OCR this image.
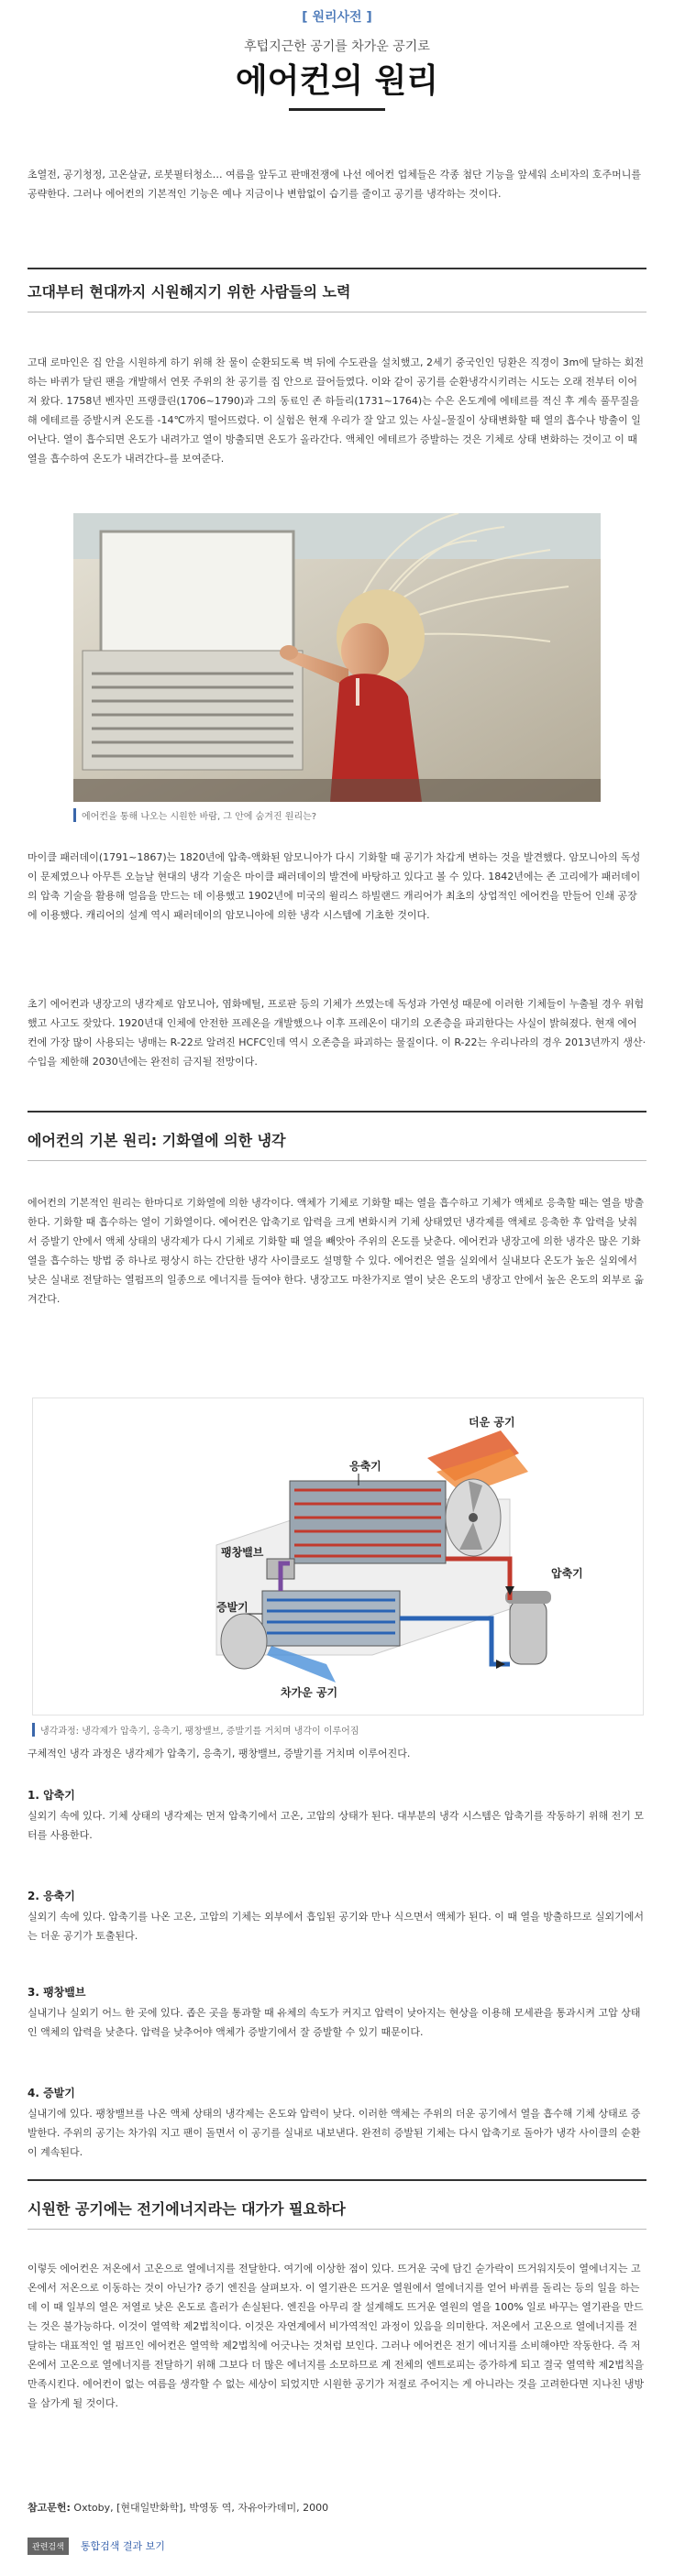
[ 원리사전 ]
후텁지근한 공기를 차가운 공기로
에어컨의 원리

초열전, 공기청정, 고온살균, 로봇필터청소… 여름을 앞두고 판매전쟁에 나선 에어컨 업체들은 각종 첨단 기능을 앞세워 소비자의 호주머니를 공략한다. 그러나 에어컨의 기본적인 기능은 예나 지금이나 변함없이 습기를 줄이고 공기를 냉각하는 것이다.

고대부터 현대까지 시원해지기 위한 사람들의 노력

고대 로마인은 집 안을 시원하게 하기 위해 찬 물이 순환되도록 벽 뒤에 수도관을 설치했고, 2세기 중국인인 딩환은 직경이 3m에 달하는 회전하는 바퀴가 달린 팬을 개발해서 연못 주위의 찬 공기를 집 안으로 끌어들였다. 이와 같이 공기를 순환냉각시키려는 시도는 오래 전부터 이어져 왔다. 1758년 벤자민 프랭클린(1706~1790)과 그의 동료인 존 하들리(1731~1764)는 수은 온도계에 에테르를 적신 후 계속 풀무질을 해 에테르를 증발시켜 온도를 -14℃까지 떨어뜨렸다. 이 실험은 현재 우리가 잘 알고 있는 사실–물질이 상태변화할 때 열의 흡수나 방출이 일어난다. 열이 흡수되면 온도가 내려가고 열이 방출되면 온도가 올라간다. 액체인 에테르가 증발하는 것은 기체로 상태 변화하는 것이고 이 때 열을 흡수하여 온도가 내려간다–를 보여준다.

에어컨을 통해 나오는 시원한 바람, 그 안에 숨겨진 원리는?

마이클 패러데이(1791~1867)는 1820년에 압축-액화된 암모니아가 다시 기화할 때 공기가 차갑게 변하는 것을 발견했다. 암모니아의 독성이 문제였으나 아무튼 오늘날 현대의 냉각 기술은 마이클 패러데이의 발견에 바탕하고 있다고 볼 수 있다. 1842년에는 존 고리에가 패러데이의 압축 기술을 활용해 얼음을 만드는 데 이용했고 1902년에 미국의 윌리스 하빌랜드 캐리어가 최초의 상업적인 에어컨을 만들어 인쇄 공장에 이용했다. 캐리어의 설계 역시 패러데이의 암모니아에 의한 냉각 시스템에 기초한 것이다.

초기 에어컨과 냉장고의 냉각제로 암모니아, 염화메틸, 프로판 등의 기체가 쓰였는데 독성과 가연성 때문에 이러한 기체들이 누출될 경우 위험했고 사고도 잦았다. 1920년대 인체에 안전한 프레온을 개발했으나 이후 프레온이 대기의 오존층을 파괴한다는 사실이 밝혀졌다. 현재 에어컨에 가장 많이 사용되는 냉매는 R-22로 알려진 HCFC인데 역시 오존층을 파괴하는 물질이다. 이 R-22는 우리나라의 경우 2013년까지 생산·수입을 제한해 2030년에는 완전히 금지될 전망이다.

에어컨의 기본 원리: 기화열에 의한 냉각

에어컨의 기본적인 원리는 한마디로 기화열에 의한 냉각이다. 액체가 기체로 기화할 때는 열을 흡수하고 기체가 액체로 응축할 때는 열을 방출한다. 기화할 때 흡수하는 열이 기화열이다. 에어컨은 압축기로 압력을 크게 변화시켜 기체 상태였던 냉각제를 액체로 응축한 후 압력을 낮춰서 증발기 안에서 액체 상태의 냉각제가 다시 기체로 기화할 때 열을 빼앗아 주위의 온도를 낮춘다. 에어컨과 냉장고에 의한 냉각은 많은 기화열을 흡수하는 방법 중 하나로 평상시 하는 간단한 냉각 사이클로도 설명할 수 있다. 에어컨은 열을 실외에서 실내보다 온도가 높은 실외에서 낮은 실내로 전달하는 열펌프의 일종으로 에너지를 들여야 한다. 냉장고도 마찬가지로 열이 낮은 온도의 냉장고 안에서 높은 온도의 외부로 옮겨간다.

더운 공기
응축기
팽창밸브
증발기
차가운 공기
압축기
냉각과정: 냉각제가 압축기, 응축기, 팽창밸브, 증발기를 거치며 냉각이 이루어짐

구체적인 냉각 과정은 냉각제가 압축기, 응축기, 팽창밸브, 증발기를 거치며 이루어진다.

1. 압축기

실외기 속에 있다. 기체 상태의 냉각제는 먼저 압축기에서 고온, 고압의 상태가 된다. 대부분의 냉각 시스템은 압축기를 작동하기 위해 전기 모터를 사용한다.

2. 응축기

실외기 속에 있다. 압축기를 나온 고온, 고압의 기체는 외부에서 흡입된 공기와 만나 식으면서 액체가 된다. 이 때 열을 방출하므로 실외기에서는 더운 공기가 토출된다.

3. 팽창밸브

실내기나 실외기 어느 한 곳에 있다. 좁은 곳을 통과할 때 유체의 속도가 커지고 압력이 낮아지는 현상을 이용해 모세관을 통과시켜 고압 상태인 액체의 압력을 낮춘다. 압력을 낮추어야 액체가 증발기에서 잘 증발할 수 있기 때문이다.

4. 증발기

실내기에 있다. 팽창밸브를 나온 액체 상태의 냉각제는 온도와 압력이 낮다. 이러한 액체는 주위의 더운 공기에서 열을 흡수해 기체 상태로 증발한다. 주위의 공기는 차가워 지고 팬이 돌면서 이 공기를 실내로 내보낸다. 완전히 증발된 기체는 다시 압축기로 돌아가 냉각 사이클의 순환이 계속된다.

시원한 공기에는 전기에너지라는 대가가 필요하다

이렇듯 에어컨은 저온에서 고온으로 열에너지를 전달한다. 여기에 이상한 점이 있다. 뜨거운 국에 담긴 숟가락이 뜨거워지듯이 열에너지는 고온에서 저온으로 이동하는 것이 아닌가? 증기 엔진을 살펴보자. 이 열기관은 뜨거운 열원에서 열에너지를 얻어 바퀴를 돌리는 등의 일을 하는데 이 때 일부의 열은 저열로 낮은 온도로 흘러가 손실된다. 엔진을 아무리 잘 설계해도 뜨거운 열원의 열을 100% 일로 바꾸는 열기관을 만드는 것은 불가능하다. 이것이 열역학 제2법칙이다. 이것은 자연계에서 비가역적인 과정이 있음을 의미한다. 저온에서 고온으로 열에너지를 전달하는 대표적인 열 펌프인 에어컨은 열역학 제2법칙에 어긋나는 것처럼 보인다. 그러나 에어컨은 전기 에너지를 소비해야만 작동한다. 즉 저온에서 고온으로 열에너지를 전달하기 위해 그보다 더 많은 에너지를 소모하므로 계 전체의 엔트로피는 증가하게 되고 결국 열역학 제2법칙을 만족시킨다. 에어컨이 없는 여름을 생각할 수 없는 세상이 되었지만 시원한 공기가 저절로 주어지는 게 아니라는 것을 고려한다면 지나친 냉방을 삼가게 될 것이다.

참고문헌: Oxtoby, [현대일반화학], 박영동 역, 자유아카데미, 2000
관련검색 통합검색 결과 보기
